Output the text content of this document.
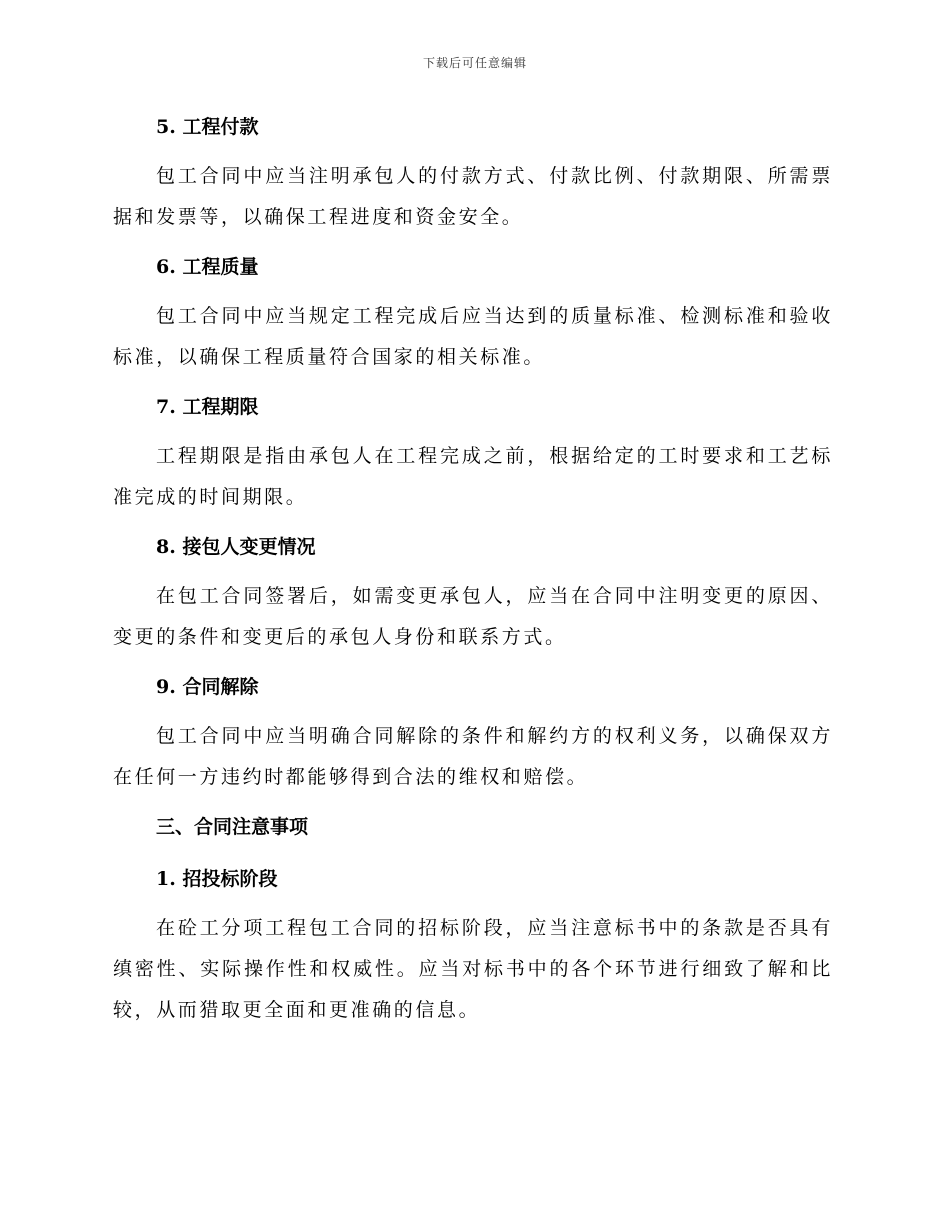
下载后可任意编辑
5. 工程付款

包工合同中应当注明承包人的付款方式、付款比例、付款期限、所需票据和发票等，以确保工程进度和资金安全。

6. 工程质量

包工合同中应当规定工程完成后应当达到的质量标准、检测标准和验收标准，以确保工程质量符合国家的相关标准。

7. 工程期限

工程期限是指由承包人在工程完成之前，根据给定的工时要求和工艺标准完成的时间期限。

8. 接包人变更情况

在包工合同签署后，如需变更承包人，应当在合同中注明变更的原因、变更的条件和变更后的承包人身份和联系方式。

9. 合同解除

包工合同中应当明确合同解除的条件和解约方的权利义务，以确保双方在任何一方违约时都能够得到合法的维权和赔偿。

三、合同注意事项
1. 招投标阶段

在砼工分项工程包工合同的招标阶段，应当注意标书中的条款是否具有缜密性、实际操作性和权威性。应当对标书中的各个环节进行细致了解和比较，从而猎取更全面和更准确的信息。
